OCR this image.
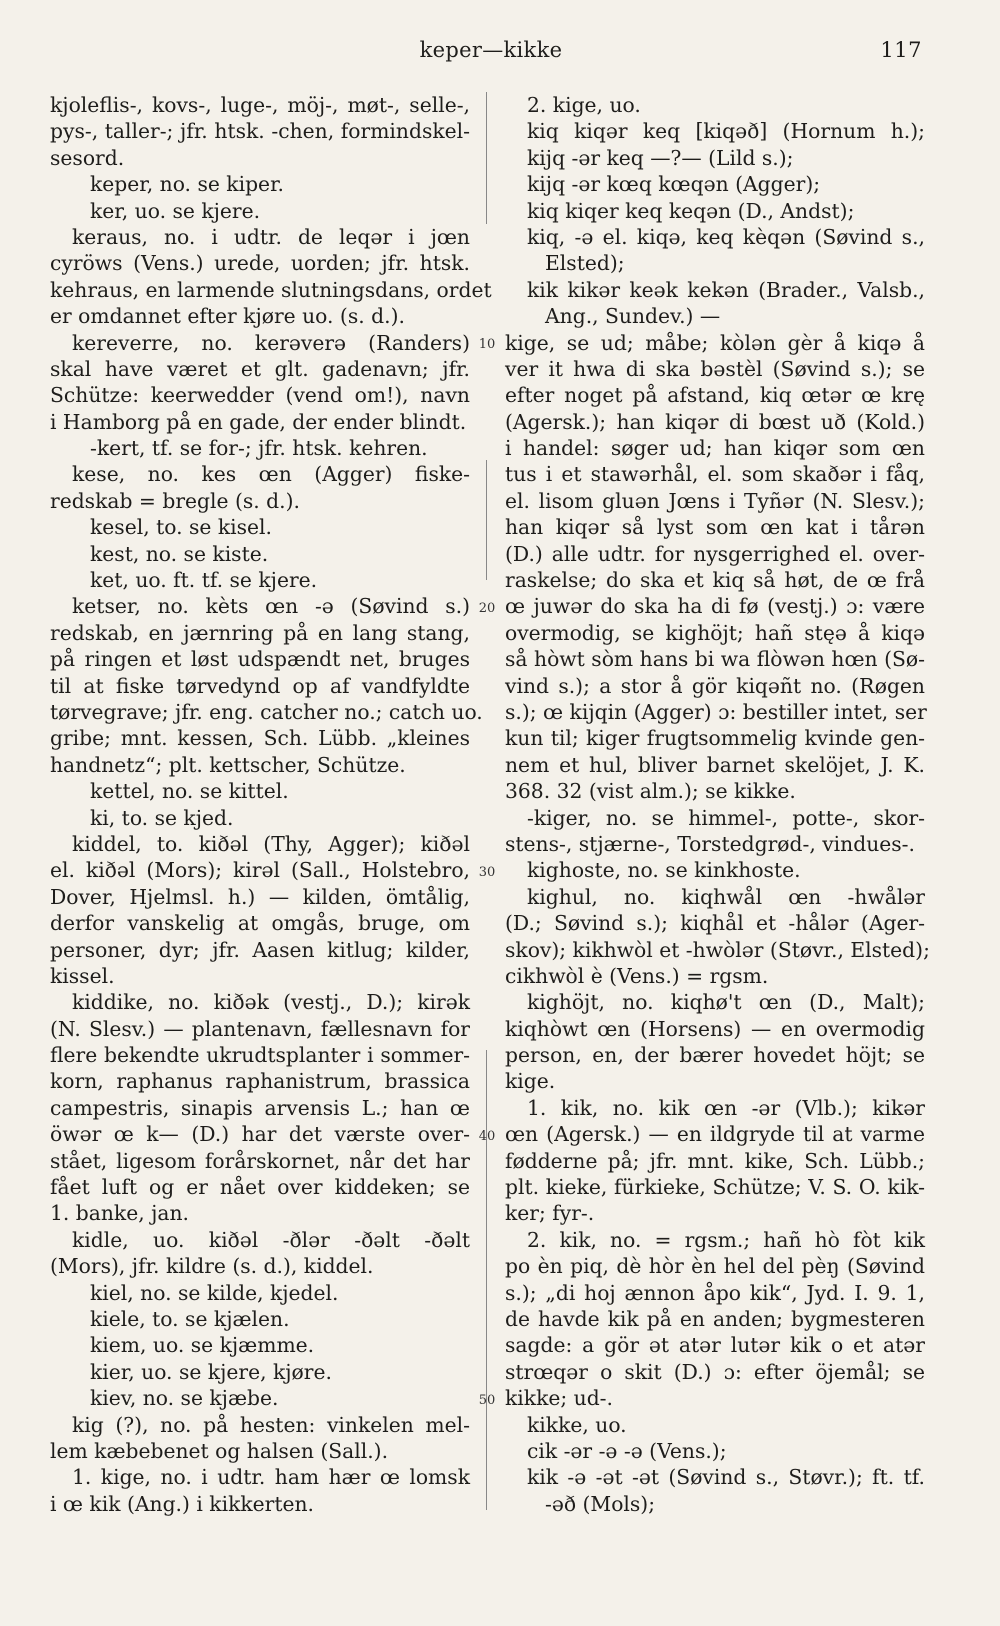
keper—kikke	117
kjoleflis-, kovs-, luge-, möj-, møt-, selle-,
pys-, taller-; jfr. htsk. -chen, formindskel-
sesord.
keper, no. se kiper.
ker, uo. se kjere.
keraus, no. i udtr. de leqər i jœn
cyröws (Vens.) urede, uorden; jfr. htsk.
kehraus, en larmende slutningsdans, ordet
er omdannet efter kjøre uo. (s. d.).
kereverre, no. kerəverə (Randers)
skal have været et glt. gadenavn; jfr.
Schütze: keerwedder (vend om!), navn
i Hamborg på en gade, der ender blindt.
-kert, tf. se for-; jfr. htsk. kehren.
kese, no. kes œn (Agger) fiske-
redskab = bregle (s. d.).
kesel, to. se kisel.
kest, no. se kiste.
ket, uo. ft. tf. se kjere.
ketser, no. kèts œn -ə (Søvind s.)
redskab, en jærnring på en lang stang,
på ringen et løst udspændt net, bruges
til at fiske tørvedynd op af vandfyldte
tørvegrave; jfr. eng. catcher no.; catch uo.
gribe; mnt. kessen, Sch. Lübb. „kleines
handnetz“; plt. kettscher, Schütze.
kettel, no. se kittel.
ki, to. se kjed.
kiddel, to. kiðəl (Thy, Agger); kiðəl
el. kiðəl (Mors); kirəl (Sall., Holstebro,
Dover, Hjelmsl. h.) — kilden, ömtålig,
derfor vanskelig at omgås, bruge, om
personer, dyr; jfr. Aasen kitlug; kilder,
kissel.
kiddike, no. kiðək (vestj., D.); kirək
(N. Slesv.) — plantenavn, fællesnavn for
flere bekendte ukrudtsplanter i sommer-
korn, raphanus raphanistrum, brassica
campestris, sinapis arvensis L.; han œ
öwər œ k— (D.) har det værste over-
stået, ligesom forårskornet, når det har
fået luft og er nået over kiddeken; se
1. banke, jan.
kidle, uo. kiðəl -ðlər -ðəlt -ðəlt
(Mors), jfr. kildre (s. d.), kiddel.
kiel, no. se kilde, kjedel.
kiele, to. se kjælen.
kiem, uo. se kjæmme.
kier, uo. se kjere, kjøre.
kiev, no. se kjæbe.
kig (?), no. på hesten: vinkelen mel-
lem kæbebenet og halsen (Sall.).
1. kige, no. i udtr. ham hær œ lomsk
i œ kik (Ang.) i kikkerten.
10
20
30
40
50
2. kige, uo.
kiq kiqər keq [kiqəð] (Hornum h.);
kijq -ər keq —?— (Lild s.);
kijq -ər kœq kœqən (Agger);
kiq kiqer keq keqən (D., Andst);
kiq, -ə el. kiqə, keq kèqən (Søvind s.,
Elsted);
kik kikər keək kekən (Brader., Valsb.,
Ang., Sundev.) —
kige, se ud; måbe; kòlən gèr å kiqə å
ver it hwa di ska bəstèl (Søvind s.); se
efter noget på afstand, kiq œtər œ krę
(Agersk.); han kiqər di bœst uð (Kold.)
i handel: søger ud; han kiqər som œn
tus i et stawərhål, el. som skaðər i fåq,
el. lisom gluən Jœns i Tyñər (N. Slesv.);
han kiqər så lyst som œn kat i tårən
(D.) alle udtr. for nysgerrighed el. over-
raskelse; do ska et kiq så høt, de œ frå
œ juwər do ska ha di fø (vestj.) ɔ: være
overmodig, se kighöjt; hañ stęə å kiqə
så hòwt sòm hans bi wa flòwən hœn (Sø-
vind s.); a stor å gör kiqəñt no. (Røgen
s.); œ kijqin (Agger) ɔ: bestiller intet, ser
kun til; kiger frugtsommelig kvinde gen-
nem et hul, bliver barnet skelöjet, J. K.
368. 32 (vist alm.); se kikke.
-kiger, no. se himmel-, potte-, skor-
stens-, stjærne-, Torstedgrød-, vindues-.
kighoste, no. se kinkhoste.
kighul, no. kiqhwål œn -hwålər
(D.; Søvind s.); kiqhål et -hålər (Ager-
skov); kikhwòl et -hwòlər (Støvr., Elsted);
cikhwòl è (Vens.) = rgsm.
kighöjt, no. kiqhø't œn (D., Malt);
kiqhòwt œn (Horsens) — en overmodig
person, en, der bærer hovedet höjt; se
kige.
1. kik, no. kik œn -ər (Vlb.); kikər
œn (Agersk.) — en ildgryde til at varme
fødderne på; jfr. mnt. kike, Sch. Lübb.;
plt. kieke, fürkieke, Schütze; V. S. O. kik-
ker; fyr-.
2. kik, no. = rgsm.; hañ hò fòt kik
po èn piq, dè hòr èn hel del pèŋ (Søvind
s.); „di hoj ænnon åpo kik“, Jyd. I. 9. 1,
de havde kik på en anden; bygmesteren
sagde: a gör ət atər lutər kik o et atər
strœqər o skit (D.) ɔ: efter öjemål; se
kikke; ud-.
kikke, uo.
cik -ər -ə -ə (Vens.);
kik -ə -ət -ət (Søvind s., Støvr.); ft. tf.
-əð (Mols);
